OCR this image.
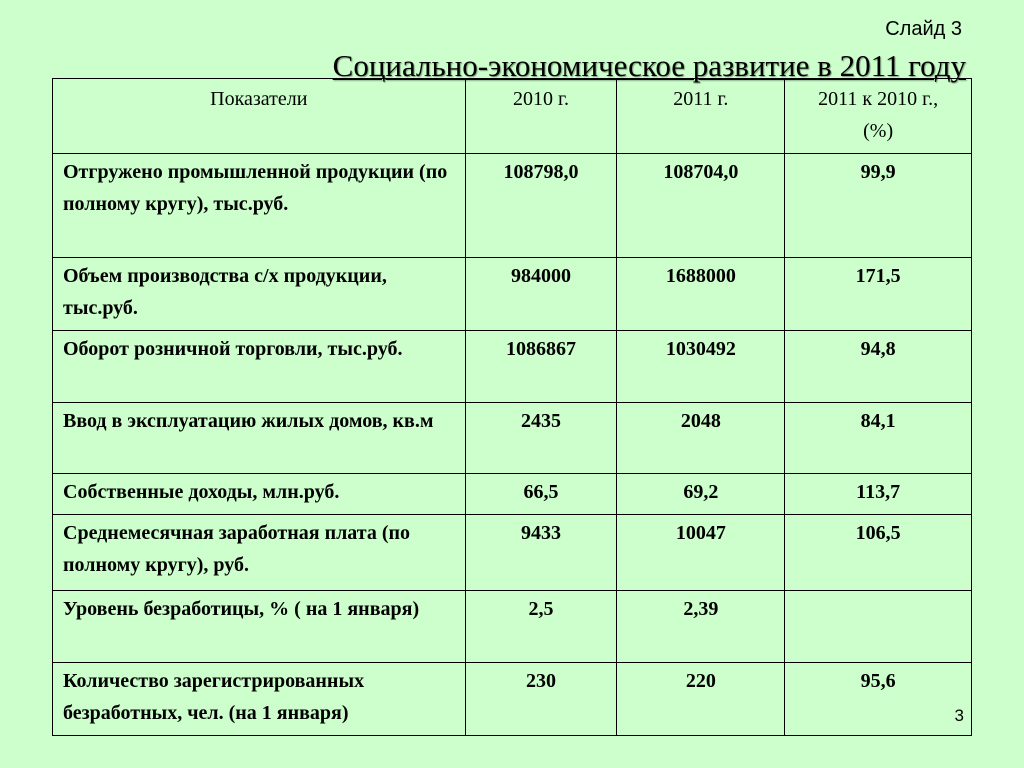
Слайд 3
Социально-экономическое развитие в 2011 году
Показатели	2010 г.	2011 г.	2011 к 2010 г.,
(%)
Отгружено промышленной продукции (по полному кругу), тыс.руб.	108798,0	108704,0	99,9
Объем производства с/х продукции, тыс.руб.	984000	1688000	171,5
Оборот розничной торговли, тыс.руб.	1086867	1030492	94,8
Ввод в эксплуатацию жилых домов, кв.м	2435	2048	84,1
Собственные доходы, млн.руб.	66,5	69,2	113,7
Среднемесячная заработная плата (по полному кругу), руб.	9433	10047	106,5
Уровень безработицы, % ( на 1 января)	2,5	2,39	
Количество зарегистрированных безработных, чел. (на 1 января)	230	220	95,6
3
